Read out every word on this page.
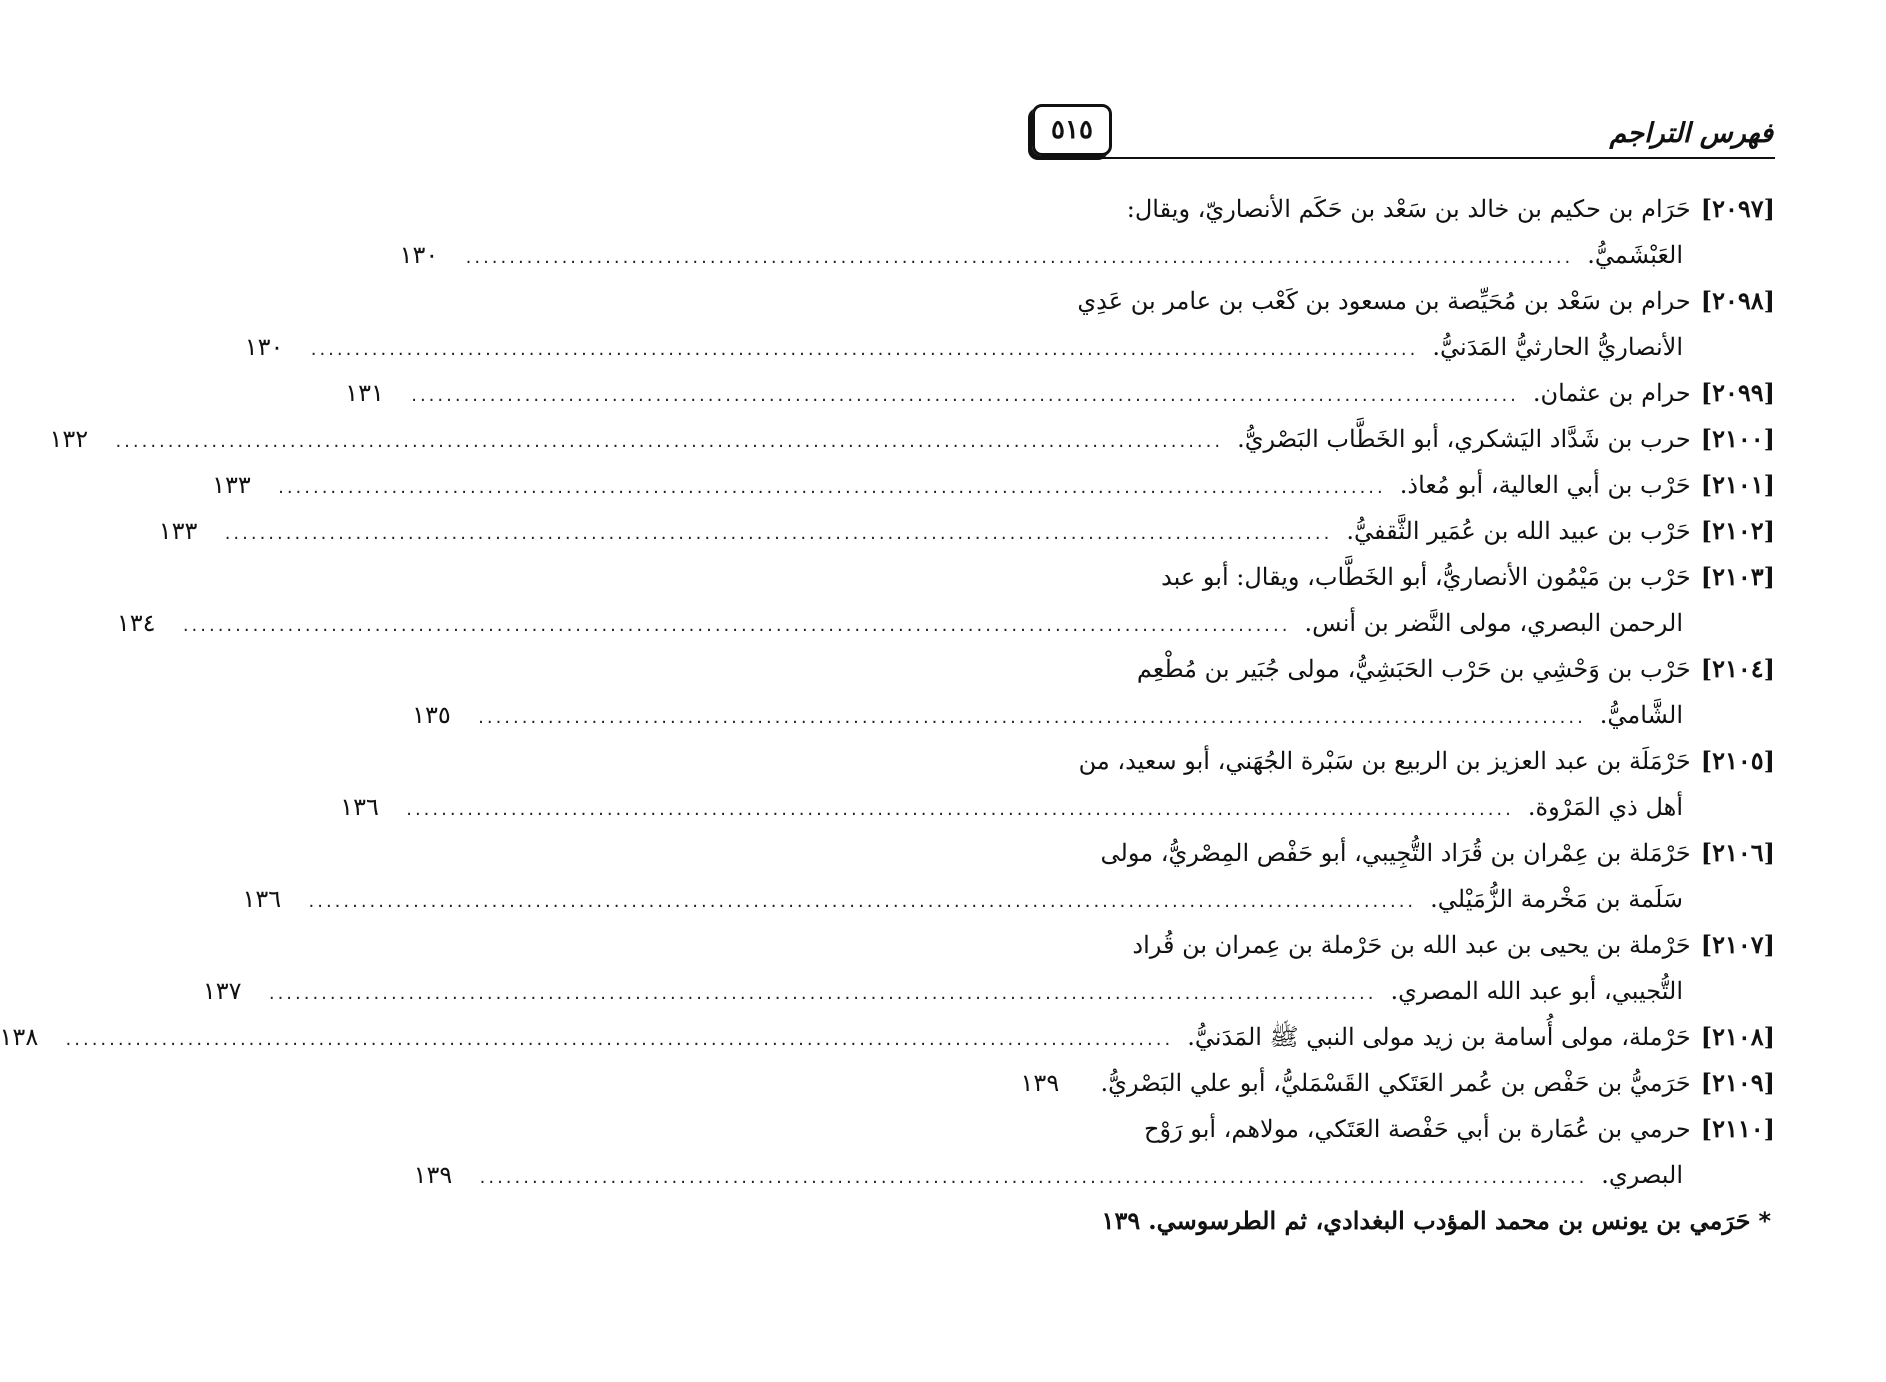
فهرس التراجم
٥١٥
[٢٠٩٧]حَرَام بن حكيم بن خالد بن سَعْد بن حَكَم الأنصاريّ، ويقال:
العَبْشَميُّ.
...............................................................................................................................
١٣٠
[٢٠٩٨]حرام بن سَعْد بن مُحَيِّصة بن مسعود بن كَعْب بن عامر بن عَدِي
الأنصاريُّ الحارثيُّ المَدَنيُّ.
...............................................................................................................................
١٣٠
[٢٠٩٩]حرام بن عثمان.
...............................................................................................................................
١٣١
[٢١٠٠]حرب بن شَدَّاد اليَشكري، أبو الخَطَّاب البَصْريُّ.
...............................................................................................................................
١٣٢
[٢١٠١]حَرْب بن أبي العالية، أبو مُعاذ.
...............................................................................................................................
١٣٣
[٢١٠٢]حَرْب بن عبيد الله بن عُمَير الثَّقفيُّ.
...............................................................................................................................
١٣٣
[٢١٠٣]حَرْب بن مَيْمُون الأنصاريُّ، أبو الخَطَّاب، ويقال: أبو عبد
الرحمن البصري، مولى النَّضر بن أنس.
...............................................................................................................................
١٣٤
[٢١٠٤]حَرْب بن وَحْشِي بن حَرْب الحَبَشِيُّ، مولى جُبَير بن مُطْعِم
الشَّاميُّ.
...............................................................................................................................
١٣٥
[٢١٠٥]حَرْمَلَة بن عبد العزيز بن الربيع بن سَبْرة الجُهَني، أبو سعيد، من
أهل ذي المَرْوة.
...............................................................................................................................
١٣٦
[٢١٠٦]حَرْمَلة بن عِمْران بن قُرَاد التُّجِيبي، أبو حَفْص المِصْريُّ، مولى
سَلَمة بن مَخْرمة الزُّمَيْلي.
...............................................................................................................................
١٣٦
[٢١٠٧]حَرْملة بن يحيى بن عبد الله بن حَرْملة بن عِمران بن قُراد
التُّجيبي، أبو عبد الله المصري.
...............................................................................................................................
١٣٧
[٢١٠٨]حَرْملة، مولى أُسامة بن زيد مولى النبي ﷺ المَدَنيُّ.
...............................................................................................................................
١٣٨
[٢١٠٩]حَرَميُّ بن حَفْص بن عُمر العَتَكي القَسْمَليُّ، أبو علي البَصْريُّ.
١٣٩
[٢١١٠]حرمي بن عُمَارة بن أبي حَفْصة العَتَكي، مولاهم، أبو رَوْح
البصري.
...............................................................................................................................
١٣٩
*حَرَمي بن يونس بن محمد المؤدب البغدادي، ثم الطرسوسي.١٣٩
